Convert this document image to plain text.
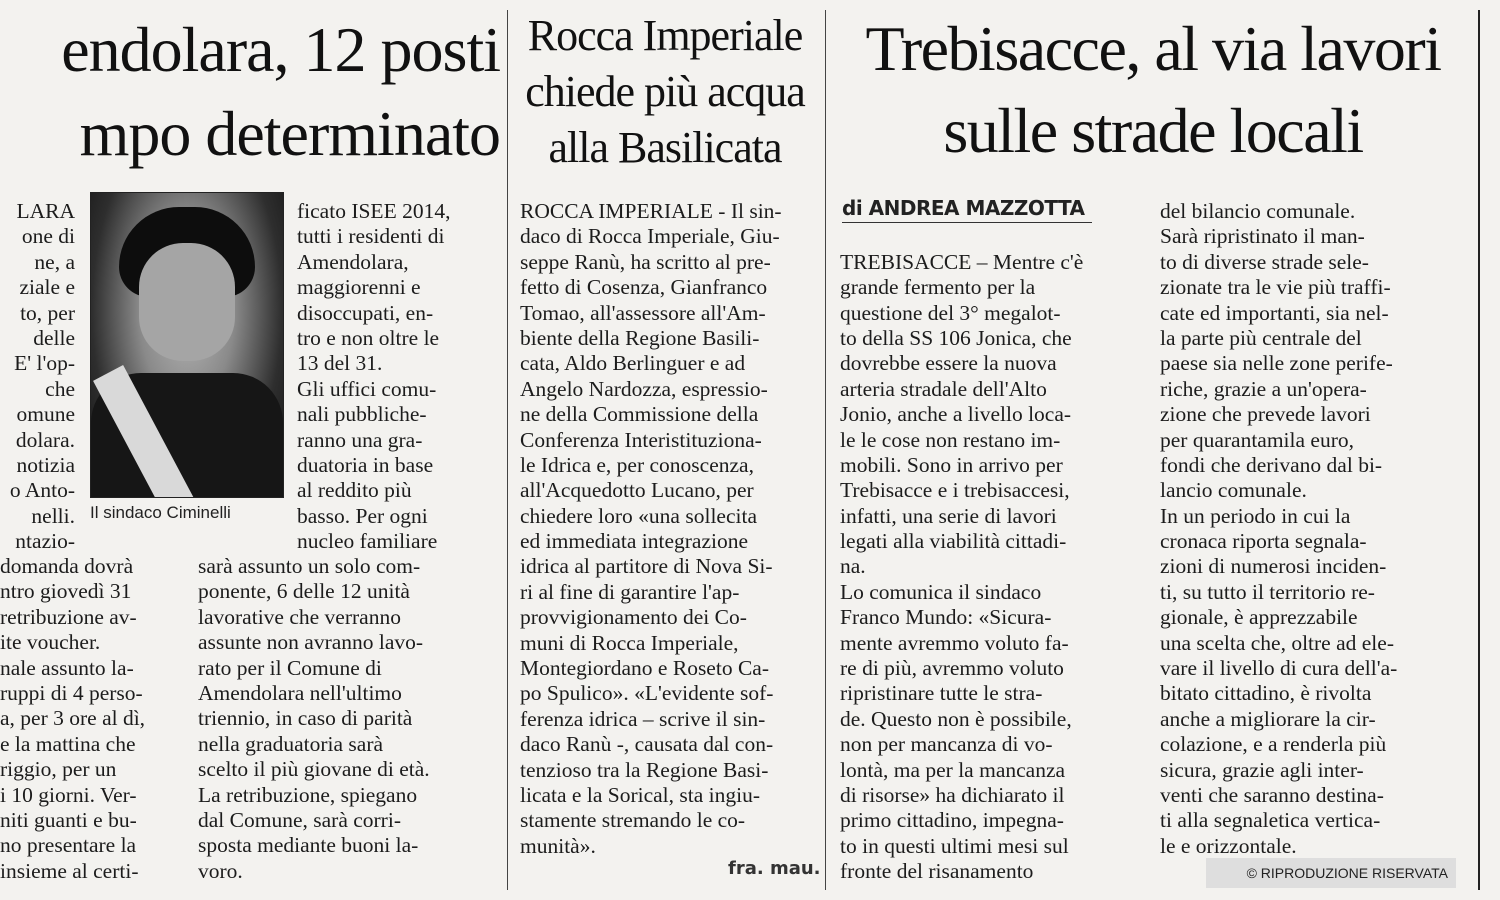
endolara, 12 posti
mpo determinato
Il sindaco Ciminelli
LARA
one di
ne, a
ziale e
to, per
delle
E' l'op-
che
omune
dolara.
notizia
o Anto-
nelli.
ntazio-
ficato ISEE 2014,
tutti i residenti di
Amendolara,
maggiorenni e
disoccupati, en-
tro e non oltre le
13 del 31.
Gli uffici comu-
nali pubbliche-
ranno una gra-
duatoria in base
al reddito più
basso. Per ogni
nucleo familiare
domanda dovrà
ntro giovedì 31
retribuzione av-
ite voucher.
nale assunto la-
ruppi di 4 perso-
a, per 3 ore al dì,
e la mattina che
riggio, per un
i 10 giorni. Ver-
niti guanti e bu-
no presentare la
insieme al certi-
sarà assunto un solo com-
ponente, 6 delle 12 unità
lavorative che verranno
assunte non avranno lavo-
rato per il Comune di
Amendolara nell'ultimo
triennio, in caso di parità
nella graduatoria sarà
scelto il più giovane di età.
La retribuzione, spiegano
dal Comune, sarà corri-
sposta mediante buoni la-
voro.
Rocca Imperiale
chiede più acqua
alla Basilicata
ROCCA IMPERIALE - Il sin-
daco di Rocca Imperiale, Giu-
seppe Ranù, ha scritto al pre-
fetto di Cosenza, Gianfranco
Tomao, all'assessore all'Am-
biente della Regione Basili-
cata, Aldo Berlinguer e ad
Angelo Nardozza, espressio-
ne della Commissione della
Conferenza Interistituziona-
le Idrica e, per conoscenza,
all'Acquedotto Lucano, per
chiedere loro «una sollecita
ed immediata integrazione
idrica al partitore di Nova Si-
ri al fine di garantire l'ap-
provvigionamento dei Co-
muni di Rocca Imperiale,
Montegiordano e Roseto Ca-
po Spulico». «L'evidente sof-
ferenza idrica – scrive il sin-
daco Ranù -, causata dal con-
tenzioso tra la Regione Basi-
licata e la Sorical, sta ingiu-
stamente stremando le co-
munità».
fra. mau.
Trebisacce, al via lavori
sulle strade locali
di ANDREA MAZZOTTA
TREBISACCE – Mentre c'è
grande fermento per la
questione del 3° megalot-
to della SS 106 Jonica, che
dovrebbe essere la nuova
arteria stradale dell'Alto
Jonio, anche a livello loca-
le le cose non restano im-
mobili. Sono in arrivo per
Trebisacce e i trebisaccesi,
infatti, una serie di lavori
legati alla viabilità cittadi-
na.
Lo comunica il sindaco
Franco Mundo: «Sicura-
mente avremmo voluto fa-
re di più, avremmo voluto
ripristinare tutte le stra-
de. Questo non è possibile,
non per mancanza di vo-
lontà, ma per la mancanza
di risorse» ha dichiarato il
primo cittadino, impegna-
to in questi ultimi mesi sul
fronte del risanamento
del bilancio comunale.
Sarà ripristinato il man-
to di diverse strade sele-
zionate tra le vie più traffi-
cate ed importanti, sia nel-
la parte più centrale del
paese sia nelle zone perife-
riche, grazie a un'opera-
zione che prevede lavori
per quarantamila euro,
fondi che derivano dal bi-
lancio comunale.
In un periodo in cui la
cronaca riporta segnala-
zioni di numerosi inciden-
ti, su tutto il territorio re-
gionale, è apprezzabile
una scelta che, oltre ad ele-
vare il livello di cura dell'a-
bitato cittadino, è rivolta
anche a migliorare la cir-
colazione, e a renderla più
sicura, grazie agli inter-
venti che saranno destina-
ti alla segnaletica vertica-
le e orizzontale.
© RIPRODUZIONE RISERVATA
